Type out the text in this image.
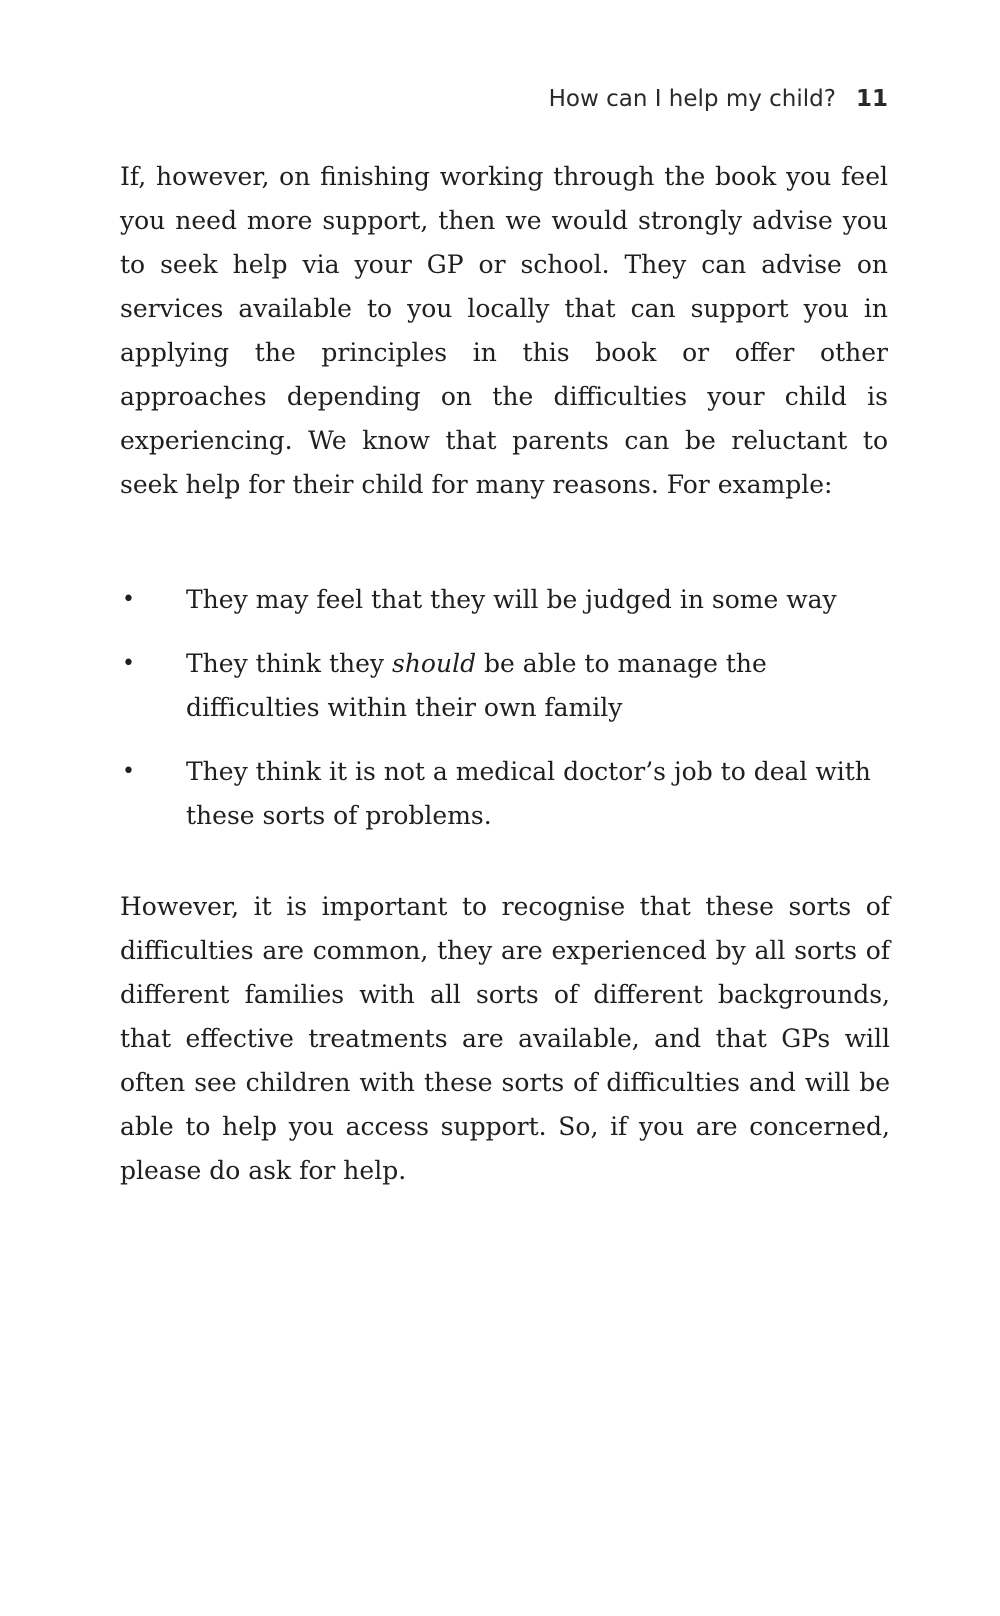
How can I help my child? 11

If, however, on finishing working through the book you feel you need more support, then we would strongly advise you to seek help via your GP or school. They can advise on services available to you locally that can support you in applying the principles in this book or offer other approaches depending on the difficulties your child is experiencing. We know that parents can be reluctant to seek help for their child for many reasons. For example:

• They may feel that they will be judged in some way
• They think they should be able to manage the difficulties within their own family
• They think it is not a medical doctor’s job to deal with these sorts of problems.

However, it is important to recognise that these sorts of difficulties are common, they are experienced by all sorts of different families with all sorts of different backgrounds, that effective treatments are available, and that GPs will often see children with these sorts of difficulties and will be able to help you access support. So, if you are concerned, please do ask for help.
